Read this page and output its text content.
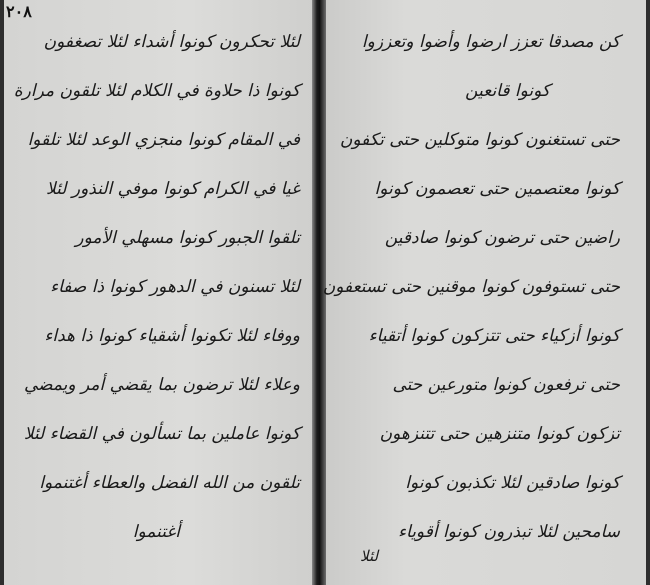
٢٠٨
لئلا تحكرون كونوا أشداء لئلا تصغفون
كونوا ذا حلاوة في الكلام لئلا تلقون مرارة
في المقام كونوا منجزي الوعد لئلا تلقوا
غيا في الكرام كونوا موفي النذور لئلا
تلقوا الجبور كونوا مسهلي الأمور
لئلا تسنون في الدهور كونوا ذا صفاء
ووفاء لئلا تكونوا أشقياء كونوا ذا هداء
وعلاء لئلا ترضون بما يقضي أمر ويمضي
كونوا عاملين بما تسألون في القضاء لئلا
تلقون من الله الفضل والعطاء أغتنموا
أغتنموا
كن مصدقا تعزز ارضوا وأضوا وتعززوا
كونوا قانعين
حتى تستغنون كونوا متوكلين حتى تكفون
كونوا معتصمين حتى تعصمون كونوا
راضين حتى ترضون كونوا صادقين
حتى تستوفون كونوا موقنين حتى تستعفون
كونوا أزكياء حتى تتزكون كونوا أتقياء
حتى ترفعون كونوا متورعين حتى
تزكون كونوا متنزهين حتى تتنزهون
كونوا صادقين لئلا تكذبون كونوا
سامحين لئلا تبذرون كونوا أقوياء
لئلا
